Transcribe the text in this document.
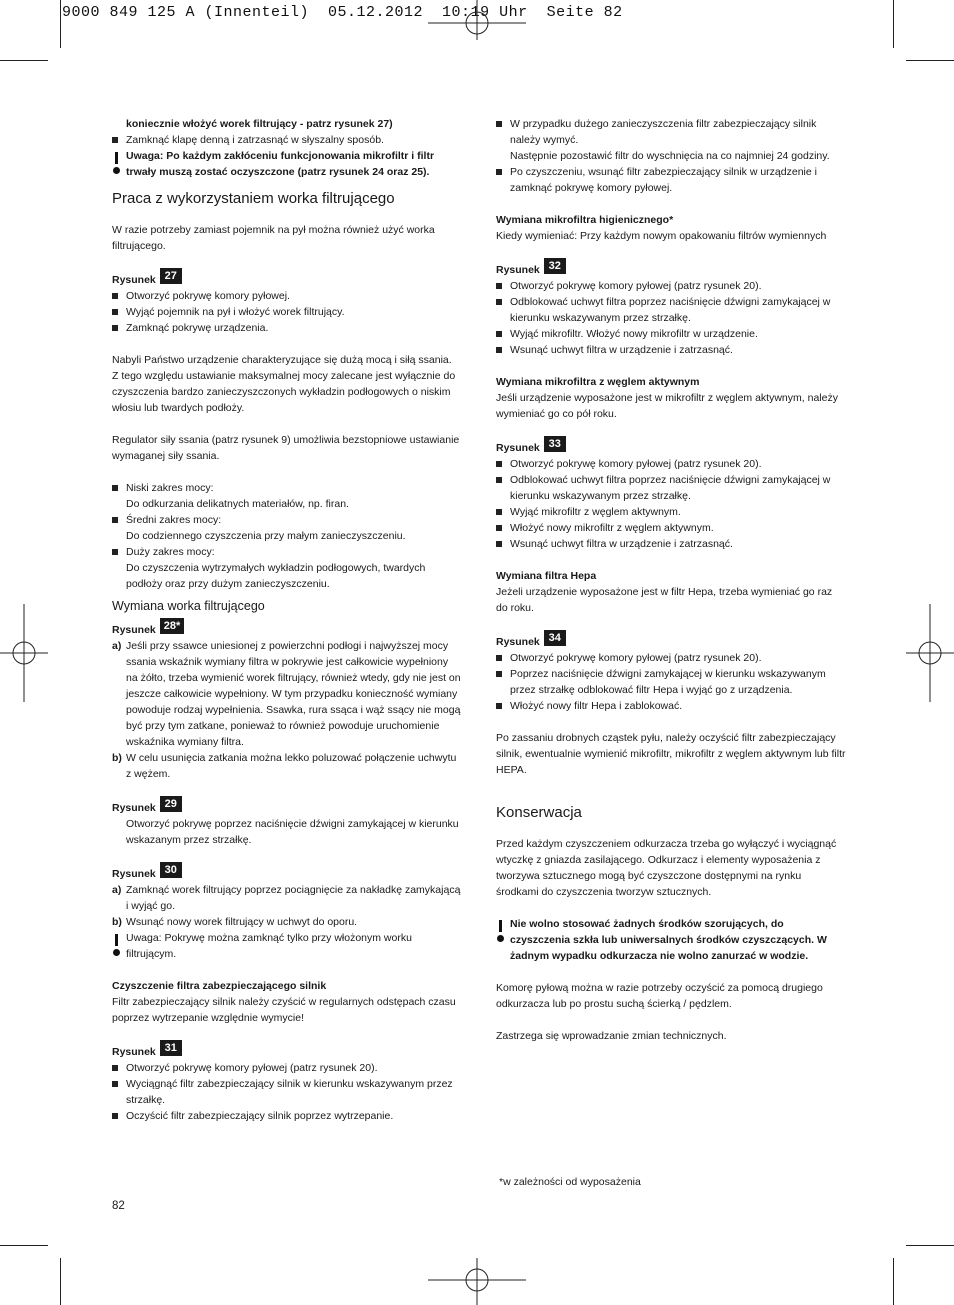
9000 849 125 A (Innenteil)  05.12.2012  10:19 Uhr  Seite 82

koniecznie włożyć worek filtrujący - patrz rysunek 27)

Zamknąć klapę denną i zatrzasnąć w słyszalny sposób.

Uwaga: Po każdym zakłóceniu funkcjonowania mikrofiltr i filtr trwały muszą zostać oczyszczone (patrz rysunek 24 oraz 25).

Praca z wykorzystaniem worka filtrującego

W razie potrzeby zamiast pojemnik na pył można również użyć worka filtrującego.

Rysunek 27

Otworzyć pokrywę komory pyłowej.

Wyjąć pojemnik na pył i włożyć worek filtrujący.

Zamknąć pokrywę urządzenia.

Nabyli Państwo urządzenie charakteryzujące się dużą mocą i siłą ssania.

Z tego względu ustawianie maksymalnej mocy zalecane jest wyłącznie do czyszczenia bardzo zanieczyszczonych wykładzin podłogowych o niskim włosiu lub twardych podłoży.

Regulator siły ssania (patrz rysunek 9) umożliwia bezstopniowe ustawianie wymaganej siły ssania.

Niski zakres mocy:

Do odkurzania delikatnych materiałów, np. firan.

Średni zakres mocy:

Do codziennego czyszczenia przy małym zanieczyszczeniu.

Duży zakres mocy:

Do czyszczenia wytrzymałych wykładzin podłogowych, twardych podłoży oraz przy dużym zanieczyszczeniu.

Wymiana worka filtrującego
Rysunek 28*
a) Jeśli przy ssawce uniesionej z powierzchni podłogi i najwyższej mocy ssania wskaźnik wymiany filtra w pokrywie jest całkowicie wypełniony na żółto, trzeba wymienić worek filtrujący, również wtedy, gdy nie jest on jeszcze całkowicie wypełniony. W tym przypadku konieczność wymiany powoduje rodzaj wypełnienia. Ssawka, rura ssąca i wąż ssący nie mogą być przy tym zatkane, ponieważ to również powoduje uruchomienie wskaźnika wymiany filtra.

b) W celu usunięcia zatkania można lekko poluzować połączenie uchwytu z wężem.

Rysunek 29

Otworzyć pokrywę poprzez naciśnięcie dźwigni zamykającej w kierunku wskazanym przez strzałkę.

Rysunek 30
a) Zamknąć worek filtrujący poprzez pociągnięcie za nakładkę zamykającą i wyjąć go.

b) Wsunąć nowy worek filtrujący w uchwyt do oporu.

Uwaga: Pokrywę można zamknąć tylko przy włożonym worku filtrującym.

Czyszczenie filtra zabezpieczającego silnik

Filtr zabezpieczający silnik należy czyścić w regularnych odstępach czasu poprzez wytrzepanie względnie wymycie!

Rysunek 31

Otworzyć pokrywę komory pyłowej (patrz rysunek 20).

Wyciągnąć filtr zabezpieczający silnik w kierunku wskazywanym przez strzałkę.

Oczyścić filtr zabezpieczający silnik poprzez wytrzepanie.

W przypadku dużego zanieczyszczenia filtr zabezpieczający silnik należy wymyć.

Następnie pozostawić filtr do wyschnięcia na co najmniej 24 godziny.

Po czyszczeniu, wsunąć filtr zabezpieczający silnik w urządzenie i zamknąć pokrywę komory pyłowej.

Wymiana mikrofiltra higienicznego*

Kiedy wymieniać: Przy każdym nowym opakowaniu filtrów wymiennych

Rysunek 32

Otworzyć pokrywę komory pyłowej (patrz rysunek 20).

Odblokować uchwyt filtra poprzez naciśnięcie dźwigni zamykającej w kierunku wskazywanym przez strzałkę.

Wyjąć mikrofiltr. Włożyć nowy mikrofiltr w urządzenie.

Wsunąć uchwyt filtra w urządzenie i zatrzasnąć.

Wymiana mikrofiltra z węglem aktywnym

Jeśli urządzenie wyposażone jest w mikrofiltr z węglem aktywnym, należy wymieniać go co pół roku.

Rysunek 33

Otworzyć pokrywę komory pyłowej (patrz rysunek 20).

Odblokować uchwyt filtra poprzez naciśnięcie dźwigni zamykającej w kierunku wskazywanym przez strzałkę.

Wyjąć mikrofiltr z węglem aktywnym.

Włożyć nowy mikrofiltr z węglem aktywnym.

Wsunąć uchwyt filtra w urządzenie i zatrzasnąć.

Wymiana filtra Hepa

Jeżeli urządzenie wyposażone jest w filtr Hepa, trzeba wymieniać go raz do roku.

Rysunek 34

Otworzyć pokrywę komory pyłowej (patrz rysunek 20).

Poprzez naciśnięcie dźwigni zamykającej w kierunku wskazywanym przez strzałkę odblokować filtr Hepa i wyjąć go z urządzenia.

Włożyć nowy filtr Hepa i zablokować.

Po zassaniu drobnych cząstek pyłu, należy oczyścić filtr zabezpieczający silnik, ewentualnie wymienić mikrofiltr, mikrofiltr z węglem aktywnym lub filtr HEPA.

Konserwacja

Przed każdym czyszczeniem odkurzacza trzeba go wyłączyć i wyciągnąć wtyczkę z gniazda zasilającego. Odkurzacz i elementy wyposażenia z tworzywa sztucznego mogą być czyszczone dostępnymi na rynku środkami do czyszczenia tworzyw sztucznych.

Nie wolno stosować żadnych środków szorujących, do czyszczenia szkła lub uniwersalnych środków czyszczących. W żadnym wypadku odkurzacza nie wolno zanurzać w wodzie.

Komorę pyłową można w razie potrzeby oczyścić za pomocą drugiego odkurzacza lub po prostu suchą ścierką / pędzlem.

Zastrzega się wprowadzanie zmian technicznych.

*w zależności od wyposażenia
82
